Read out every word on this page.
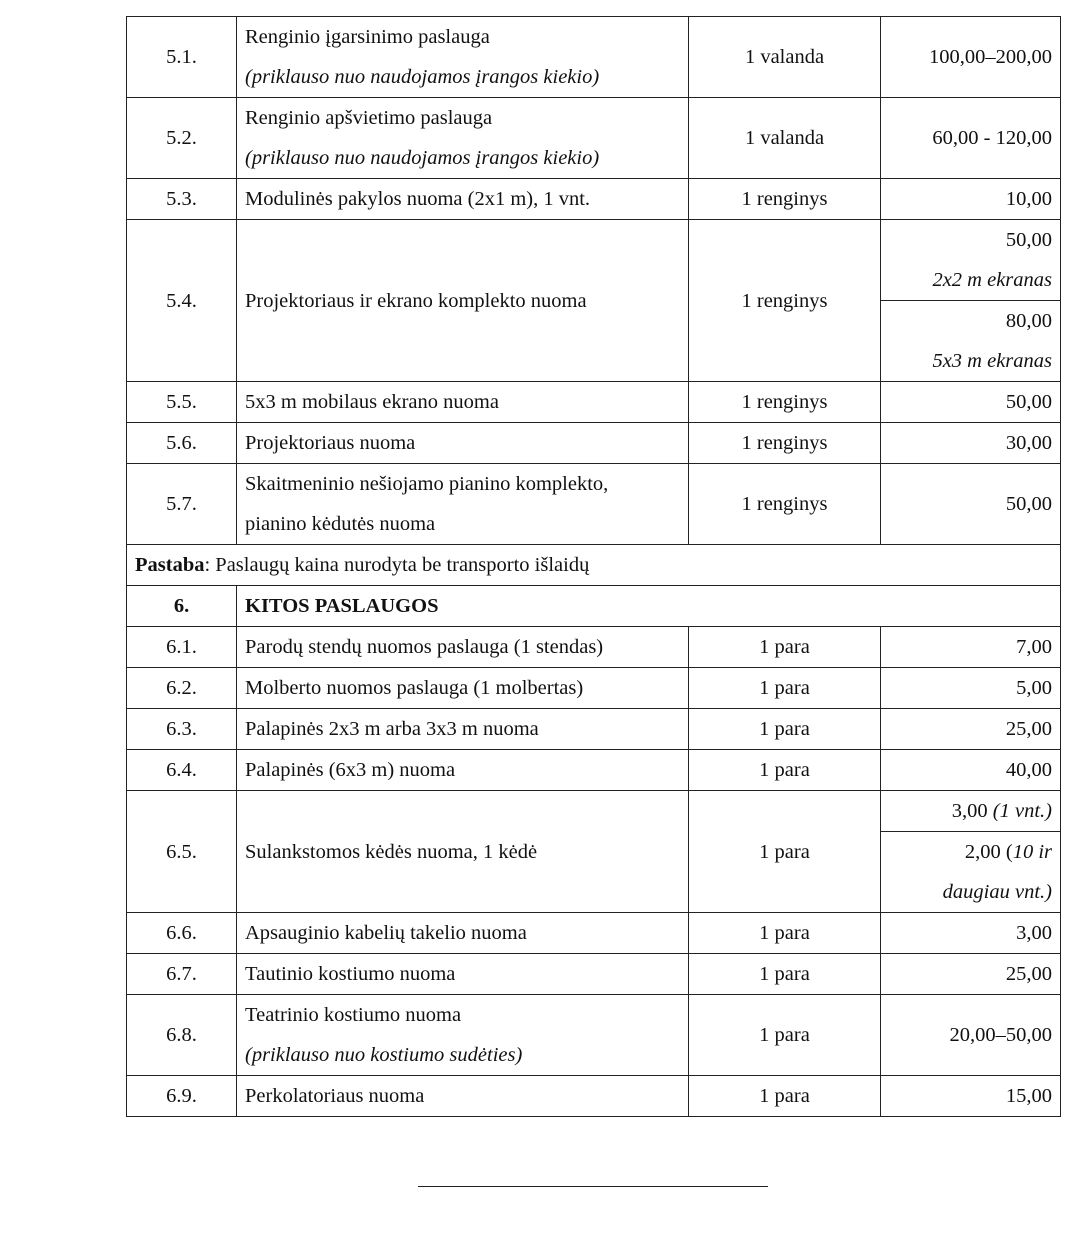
5.1.	Renginio įgarsinimo paslauga
(priklauso nuo naudojamos įrangos kiekio)	1 valanda	100,00–200,00
5.2.	Renginio apšvietimo paslauga
(priklauso nuo naudojamos įrangos kiekio)	1 valanda	60,00 - 120,00
5.3.	Modulinės pakylos nuoma (2x1 m), 1 vnt.	1 renginys	10,00
5.4.	Projektoriaus ir ekrano komplekto nuoma	1 renginys	50,00
2x2 m ekranas

			80,00
5x3 m ekranas

5.5.	5x3 m mobilaus ekrano nuoma	1 renginys	50,00
5.6.	Projektoriaus nuoma	1 renginys	30,00
5.7.	Skaitmeninio nešiojamo pianino komplekto,
pianino kėdutės nuoma	1 renginys	50,00
Pastaba: Paslaugų kaina nurodyta be transporto išlaidų			
6.	KITOS PASLAUGOS		
6.1.	Parodų stendų nuomos paslauga (1 stendas)	1 para	7,00
6.2.	Molberto nuomos paslauga (1 molbertas)	1 para	5,00
6.3.	Palapinės 2x3 m arba 3x3 m nuoma	1 para	25,00
6.4.	Palapinės (6x3 m) nuoma	1 para	40,00
6.5.	Sulankstomos kėdės nuoma, 1 kėdė	1 para	3,00 (1 vnt.)

			2,00 (10 ir
daugiau vnt.)

6.6.	Apsauginio kabelių takelio nuoma	1 para	3,00
6.7.	Tautinio kostiumo nuoma	1 para	25,00
6.8.	Teatrinio kostiumo nuoma
(priklauso nuo kostiumo sudėties)	1 para	20,00–50,00
6.9.	Perkolatoriaus nuoma	1 para	15,00
